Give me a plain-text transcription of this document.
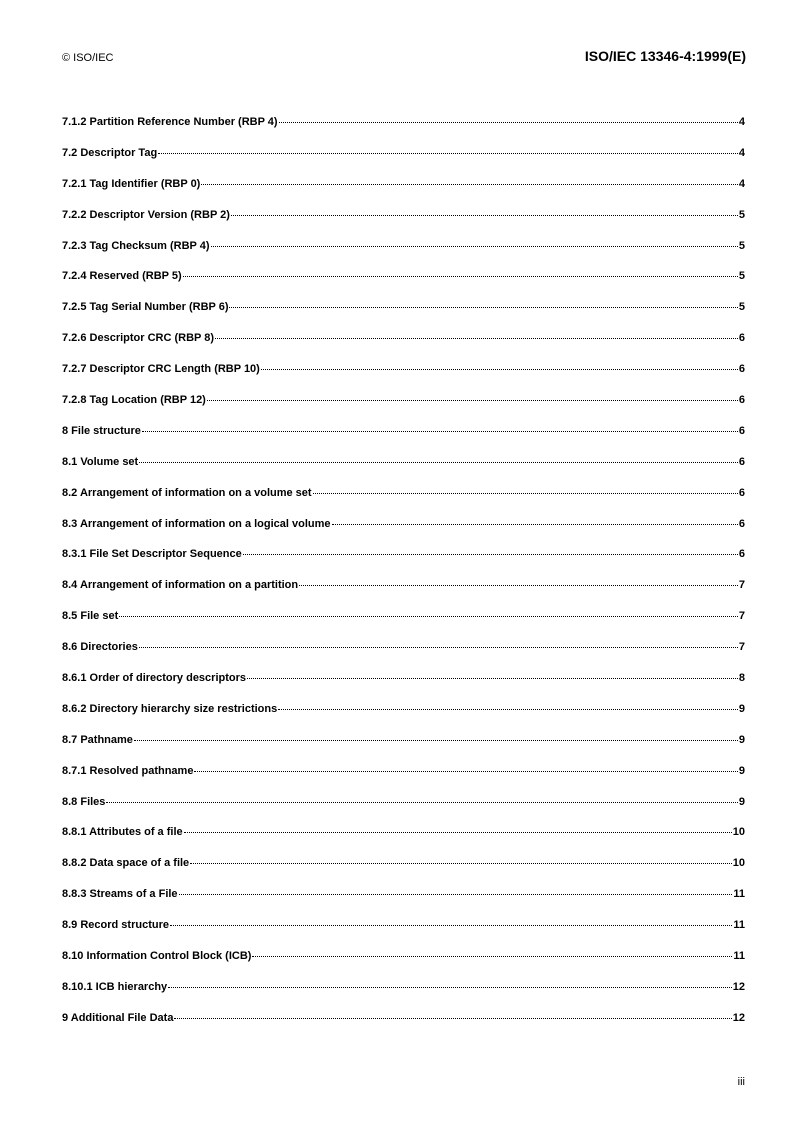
© ISO/IEC	ISO/IEC 13346-4:1999(E)
7.1.2 Partition Reference Number (RBP 4)	4
7.2 Descriptor Tag	4
7.2.1 Tag Identifier (RBP 0)	4
7.2.2 Descriptor Version (RBP 2)	5
7.2.3 Tag Checksum (RBP 4)	5
7.2.4 Reserved (RBP 5)	5
7.2.5 Tag Serial Number (RBP 6)	5
7.2.6 Descriptor CRC (RBP 8)	6
7.2.7 Descriptor CRC Length (RBP 10)	6
7.2.8 Tag Location (RBP 12)	6
8 File structure	6
8.1 Volume set	6
8.2 Arrangement of information on a volume set	6
8.3 Arrangement of information on a logical volume	6
8.3.1 File Set Descriptor Sequence	6
8.4 Arrangement of information on a partition	7
8.5 File set	7
8.6 Directories	7
8.6.1 Order of directory descriptors	8
8.6.2 Directory hierarchy size restrictions	9
8.7 Pathname	9
8.7.1 Resolved pathname	9
8.8 Files	9
8.8.1 Attributes of a file	10
8.8.2 Data space of a file	10
8.8.3 Streams of a File	11
8.9 Record structure	11
8.10 Information Control Block (ICB)	11
8.10.1 ICB hierarchy	12
9 Additional File Data	12
iii
